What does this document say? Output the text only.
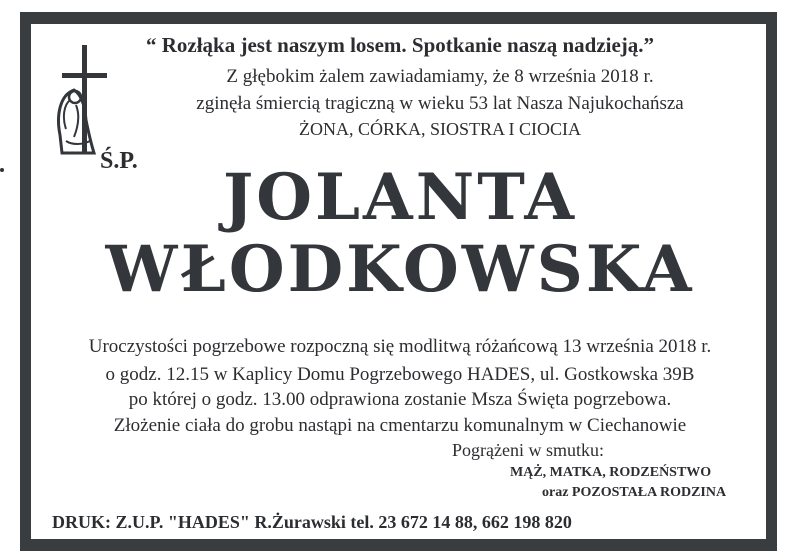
Ś.P.
“ Rozłąka jest naszym losem. Spotkanie naszą nadzieją.”
Z głębokim żalem zawiadamiamy, że 8 września 2018 r.
zginęła śmiercią tragiczną w wieku 53 lat Nasza Najukochańsza
ŻONA, CÓRKA, SIOSTRA I CIOCIA
JOLANTA
WŁODKOWSKA
Uroczystości pogrzebowe rozpoczną się modlitwą różańcową 13 września 2018 r.
o godz. 12.15 w Kaplicy Domu Pogrzebowego HADES, ul. Gostkowska 39B
po której o godz. 13.00 odprawiona zostanie Msza Święta pogrzebowa.
Złożenie ciała do grobu nastąpi na cmentarzu komunalnym w Ciechanowie
Pogrążeni w smutku:
MĄŻ, MATKA, RODZEŃSTWO
oraz POZOSTAŁA RODZINA
DRUK: Z.U.P. "HADES" R.Żurawski tel. 23 672 14 88, 662 198 820
